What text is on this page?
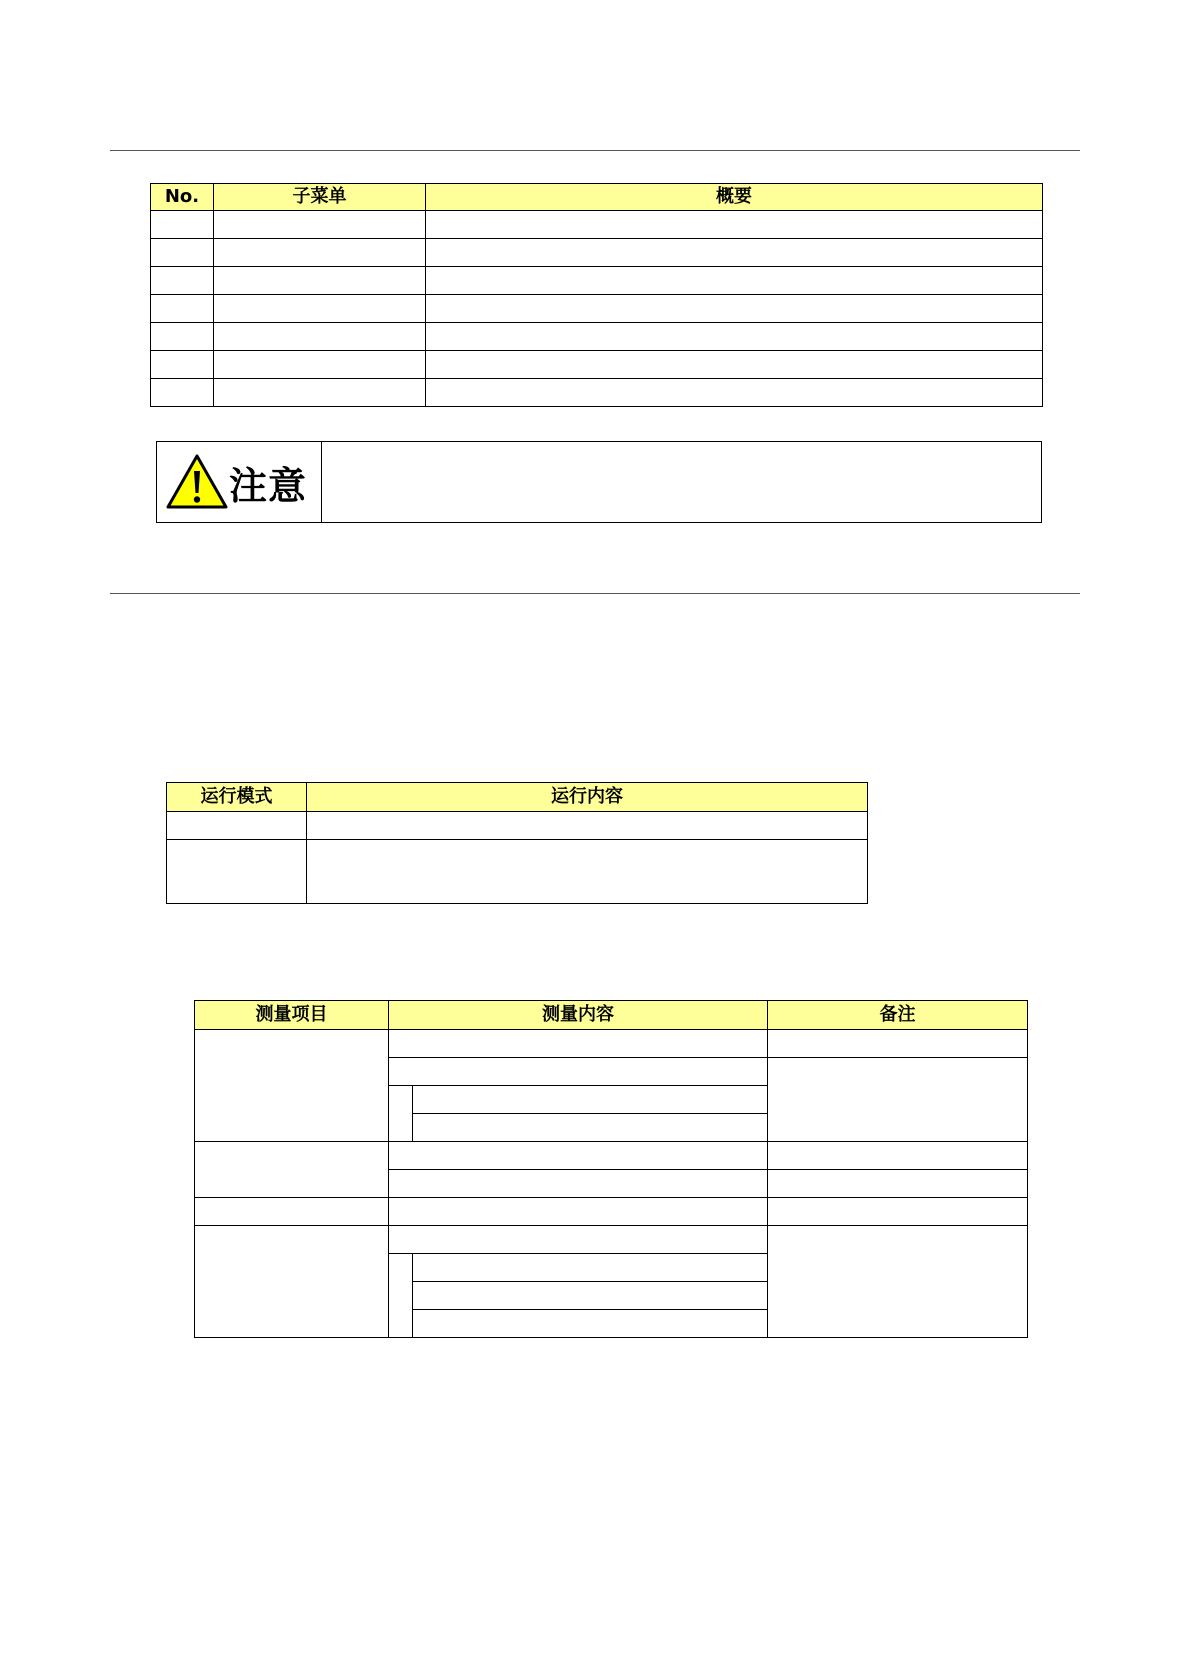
No.	子菜单	概要

注意
运行模式	运行内容

测量项目	测量内容		备注
